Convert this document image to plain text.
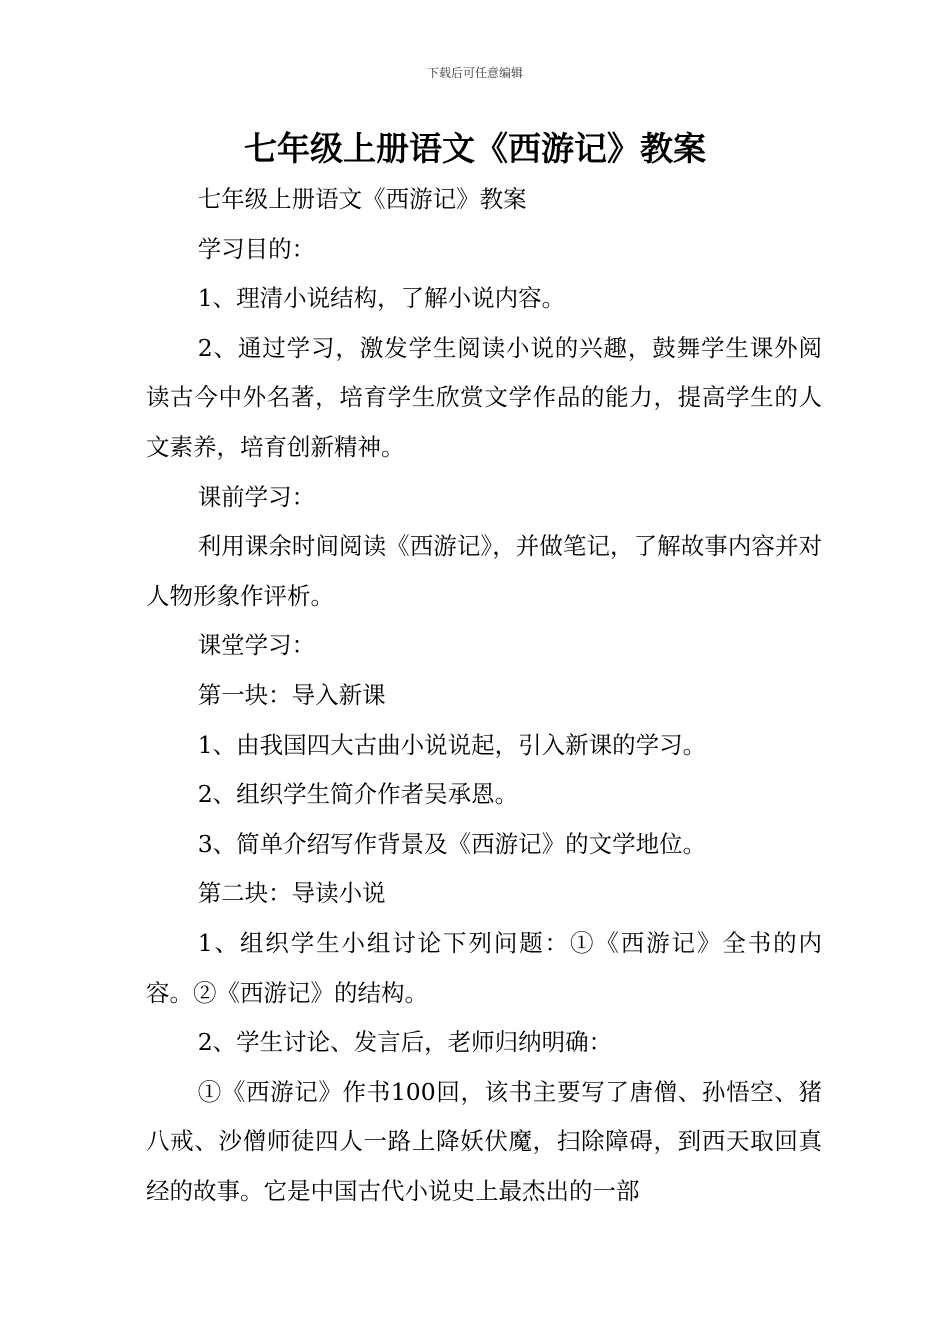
下载后可任意编辑
七年级上册语文《西游记》教案

七年级上册语文《西游记》教案

学习目的：

1、理清小说结构，了解小说内容。

2、通过学习，激发学生阅读小说的兴趣，鼓舞学生课外阅读古今中外名著，培育学生欣赏文学作品的能力，提高学生的人文素养，培育创新精神。

课前学习：

利用课余时间阅读《西游记》，并做笔记，了解故事内容并对人物形象作评析。

课堂学习：

第一块：导入新课

1、由我国四大古曲小说说起，引入新课的学习。

2、组织学生简介作者吴承恩。

3、简单介绍写作背景及《西游记》的文学地位。

第二块：导读小说

1、组织学生小组讨论下列问题：①《西游记》全书的内容。②《西游记》的结构。

2、学生讨论、发言后，老师归纳明确：

①《西游记》作书100回，该书主要写了唐僧、孙悟空、猪八戒、沙僧师徒四人一路上降妖伏魔，扫除障碍，到西天取回真经的故事。它是中国古代小说史上最杰出的一部
